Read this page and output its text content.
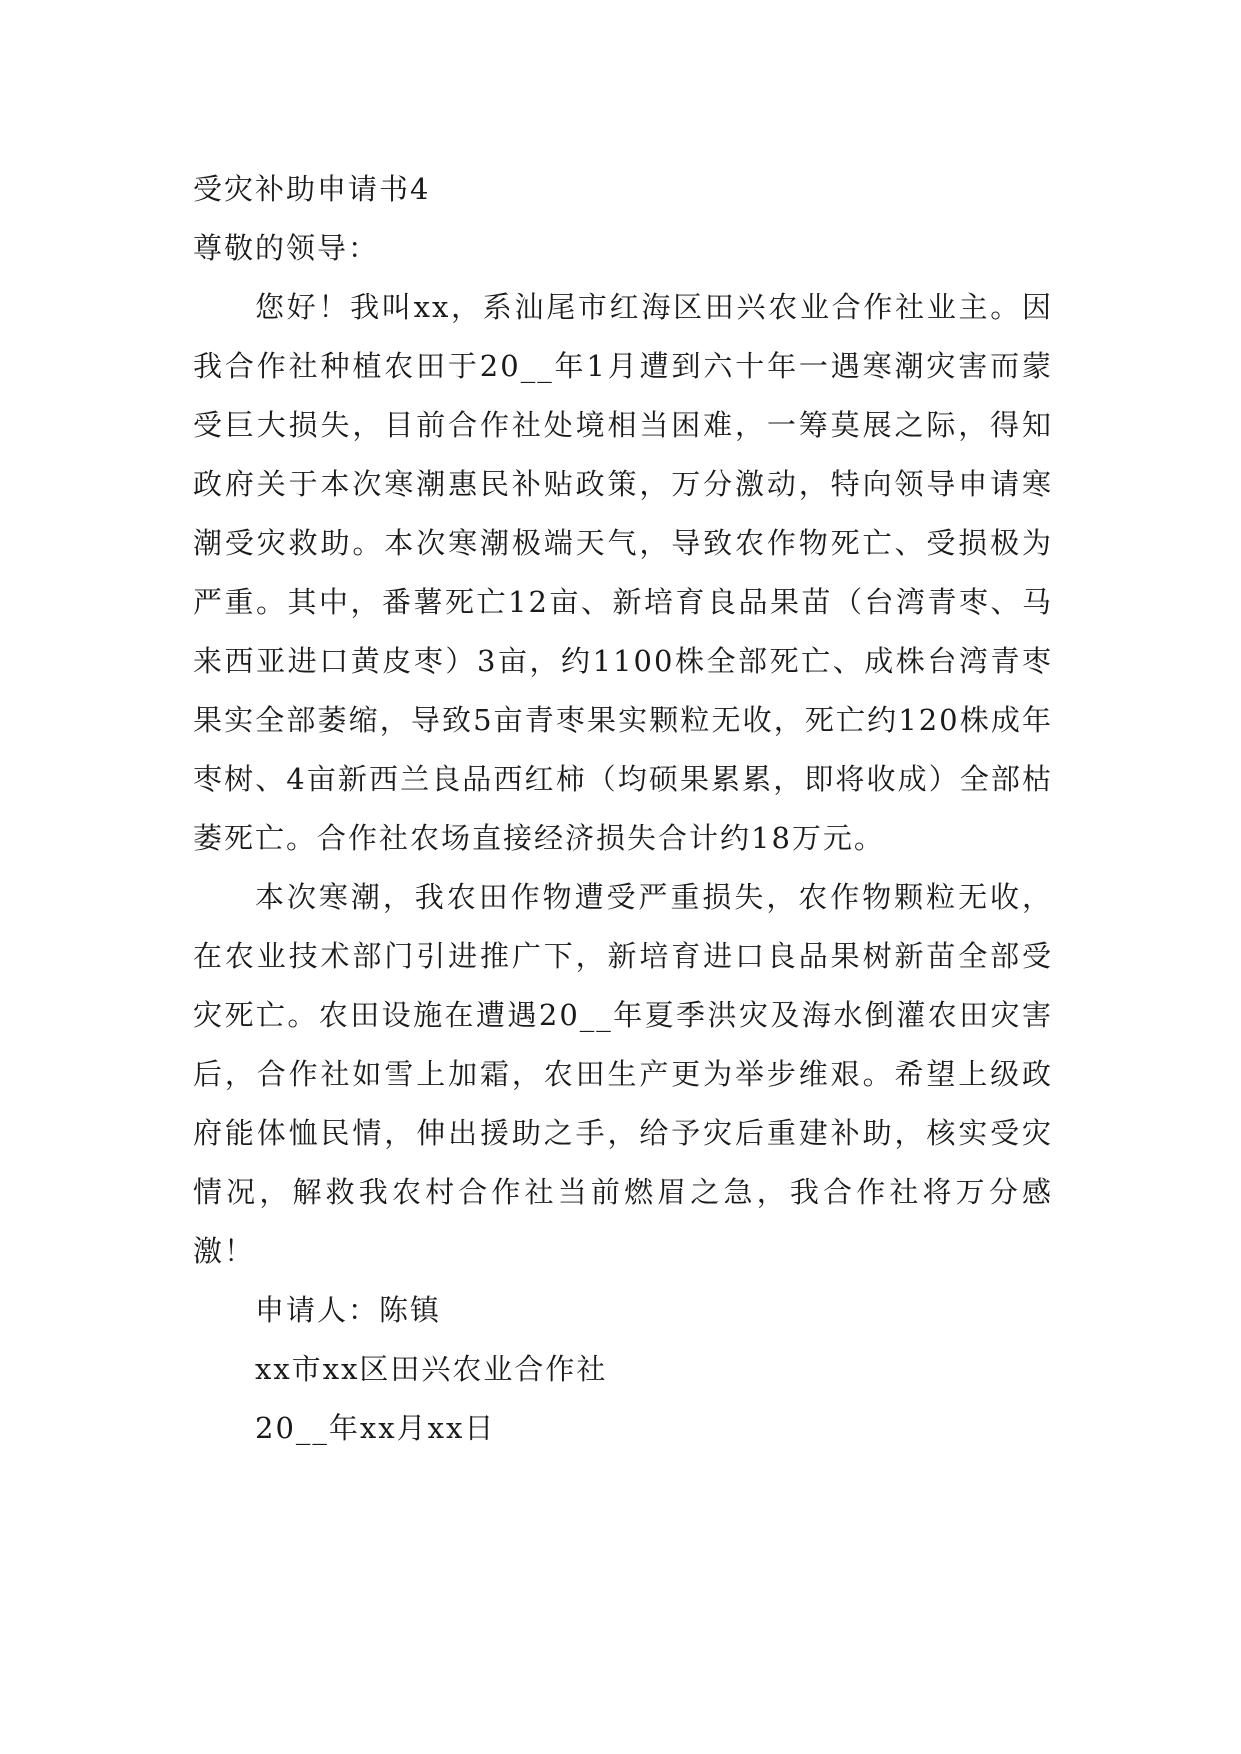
受灾补助申请书4

尊敬的领导：

您好！我叫xx，系汕尾市红海区田兴农业合作社业主。因我合作社种植农田于20__年1月遭到六十年一遇寒潮灾害而蒙受巨大损失，目前合作社处境相当困难，一筹莫展之际，得知政府关于本次寒潮惠民补贴政策，万分激动，特向领导申请寒潮受灾救助。本次寒潮极端天气，导致农作物死亡、受损极为严重。其中，番薯死亡12亩、新培育良品果苗（台湾青枣、马来西亚进口黄皮枣）3亩，约1100株全部死亡、成株台湾青枣果实全部萎缩，导致5亩青枣果实颗粒无收，死亡约120株成年枣树、4亩新西兰良品西红柿（均硕果累累，即将收成）全部枯萎死亡。合作社农场直接经济损失合计约18万元。

本次寒潮，我农田作物遭受严重损失，农作物颗粒无收，在农业技术部门引进推广下，新培育进口良品果树新苗全部受灾死亡。农田设施在遭遇20__年夏季洪灾及海水倒灌农田灾害后，合作社如雪上加霜，农田生产更为举步维艰。希望上级政府能体恤民情，伸出援助之手，给予灾后重建补助，核实受灾情况，解救我农村合作社当前燃眉之急，我合作社将万分感激！

申请人：陈镇

xx市xx区田兴农业合作社

20__年xx月xx日
